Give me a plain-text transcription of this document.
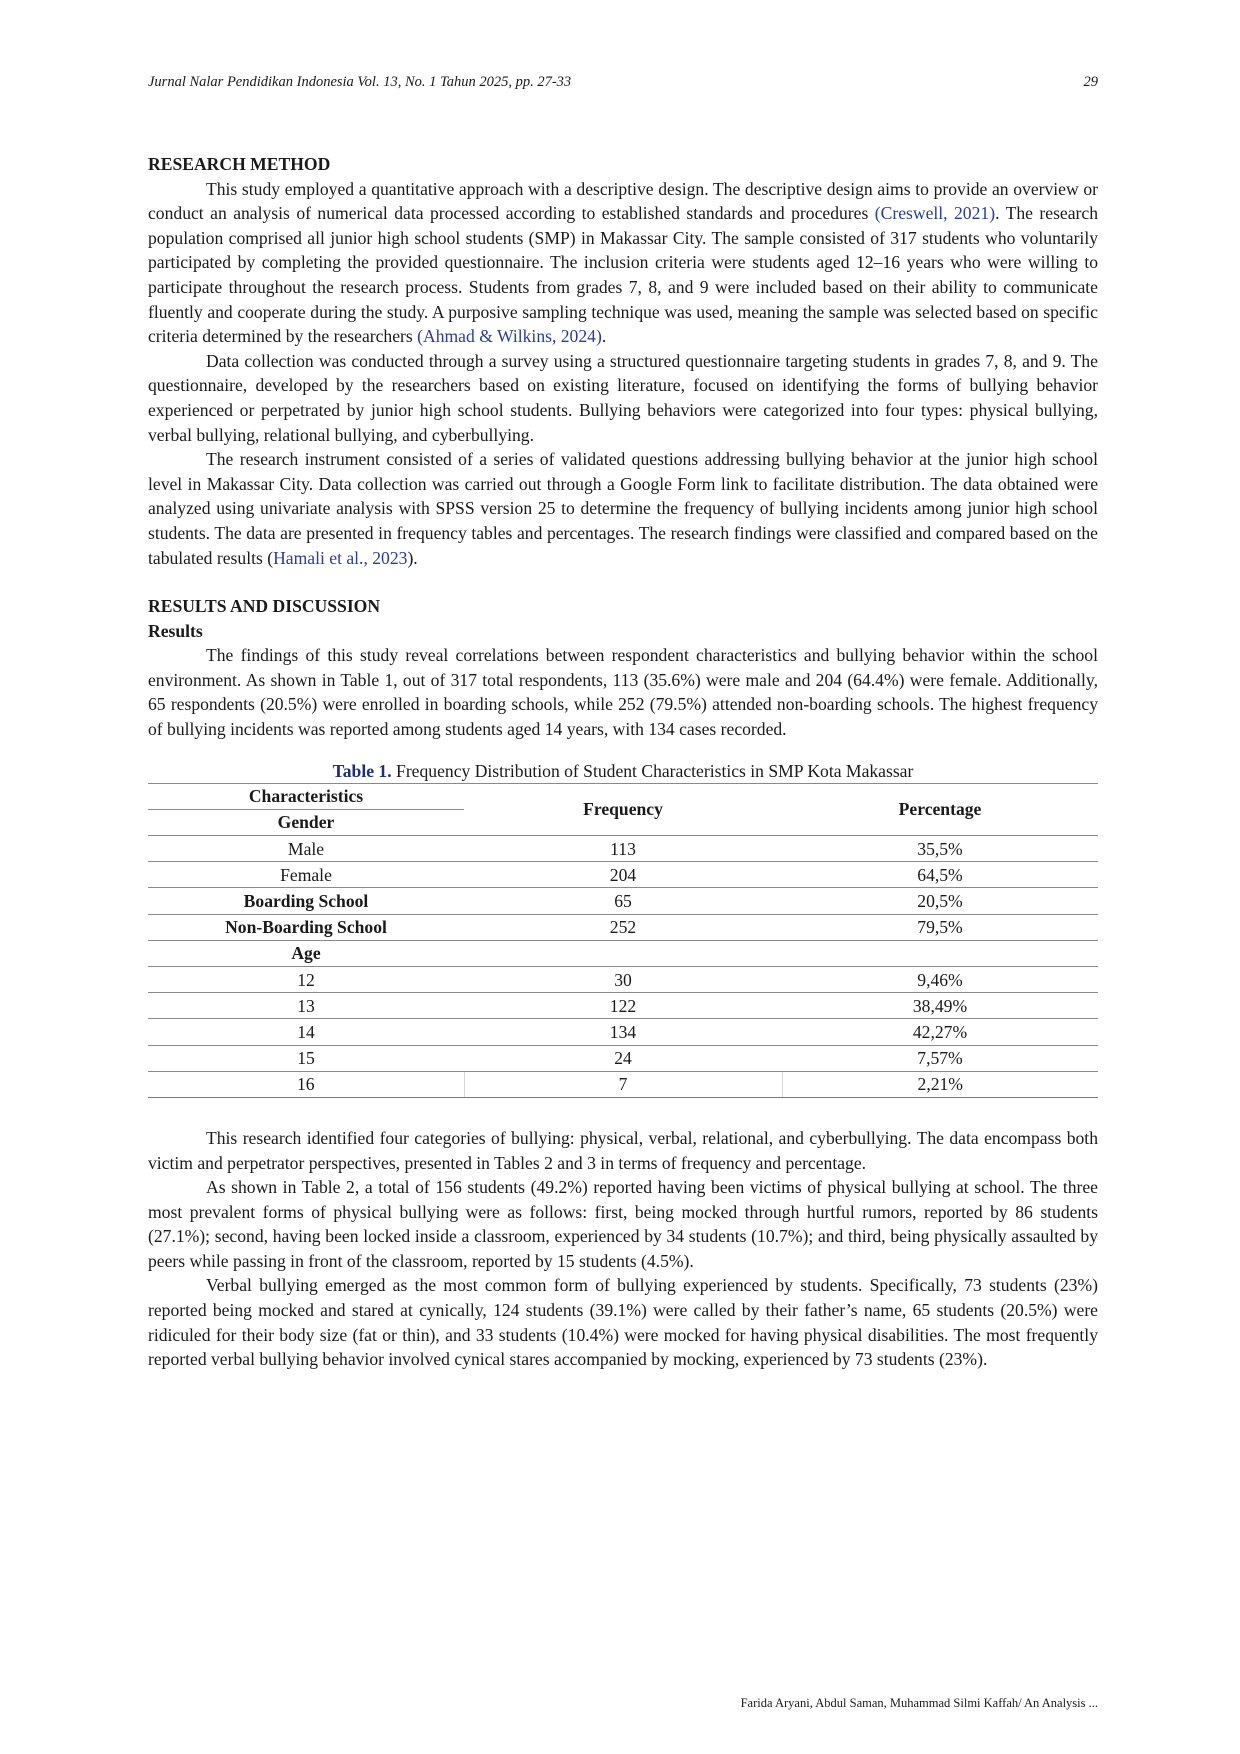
Jurnal Nalar Pendidikan Indonesia Vol. 13, No. 1 Tahun 2025, pp. 27-33	29
RESEARCH METHOD

This study employed a quantitative approach with a descriptive design. The descriptive design aims to provide an overview or conduct an analysis of numerical data processed according to established standards and procedures (Creswell, 2021). The research population comprised all junior high school students (SMP) in Makassar City. The sample consisted of 317 students who voluntarily participated by completing the provided questionnaire. The inclusion criteria were students aged 12–16 years who were willing to participate throughout the research process. Students from grades 7, 8, and 9 were included based on their ability to communicate fluently and cooperate during the study. A purposive sampling technique was used, meaning the sample was selected based on specific criteria determined by the researchers (Ahmad & Wilkins, 2024).

Data collection was conducted through a survey using a structured questionnaire targeting students in grades 7, 8, and 9. The questionnaire, developed by the researchers based on existing literature, focused on identifying the forms of bullying behavior experienced or perpetrated by junior high school students. Bullying behaviors were categorized into four types: physical bullying, verbal bullying, relational bullying, and cyberbullying.

The research instrument consisted of a series of validated questions addressing bullying behavior at the junior high school level in Makassar City. Data collection was carried out through a Google Form link to facilitate distribution. The data obtained were analyzed using univariate analysis with SPSS version 25 to determine the frequency of bullying incidents among junior high school students. The data are presented in frequency tables and percentages. The research findings were classified and compared based on the tabulated results (Hamali et al., 2023).

RESULTS AND DISCUSSION
Results

The findings of this study reveal correlations between respondent characteristics and bullying behavior within the school environment. As shown in Table 1, out of 317 total respondents, 113 (35.6%) were male and 204 (64.4%) were female. Additionally, 65 respondents (20.5%) were enrolled in boarding schools, while 252 (79.5%) attended non-boarding schools. The highest frequency of bullying incidents was reported among students aged 14 years, with 134 cases recorded.

Table 1. Frequency Distribution of Student Characteristics in SMP Kota Makassar
Characteristics	Frequency	Percentage
Gender		
Male	113	35,5%
Female	204	64,5%
Boarding School	65	20,5%
Non-Boarding School	252	79,5%
Age		
12	30	9,46%
13	122	38,49%
14	134	42,27%
15	24	7,57%
16	7	2,21%

This research identified four categories of bullying: physical, verbal, relational, and cyberbullying. The data encompass both victim and perpetrator perspectives, presented in Tables 2 and 3 in terms of frequency and percentage.

As shown in Table 2, a total of 156 students (49.2%) reported having been victims of physical bullying at school. The three most prevalent forms of physical bullying were as follows: first, being mocked through hurtful rumors, reported by 86 students (27.1%); second, having been locked inside a classroom, experienced by 34 students (10.7%); and third, being physically assaulted by peers while passing in front of the classroom, reported by 15 students (4.5%).

Verbal bullying emerged as the most common form of bullying experienced by students. Specifically, 73 students (23%) reported being mocked and stared at cynically, 124 students (39.1%) were called by their father’s name, 65 students (20.5%) were ridiculed for their body size (fat or thin), and 33 students (10.4%) were mocked for having physical disabilities. The most frequently reported verbal bullying behavior involved cynical stares accompanied by mocking, experienced by 73 students (23%).

Farida Aryani, Abdul Saman, Muhammad Silmi Kaffah/ An Analysis ...
